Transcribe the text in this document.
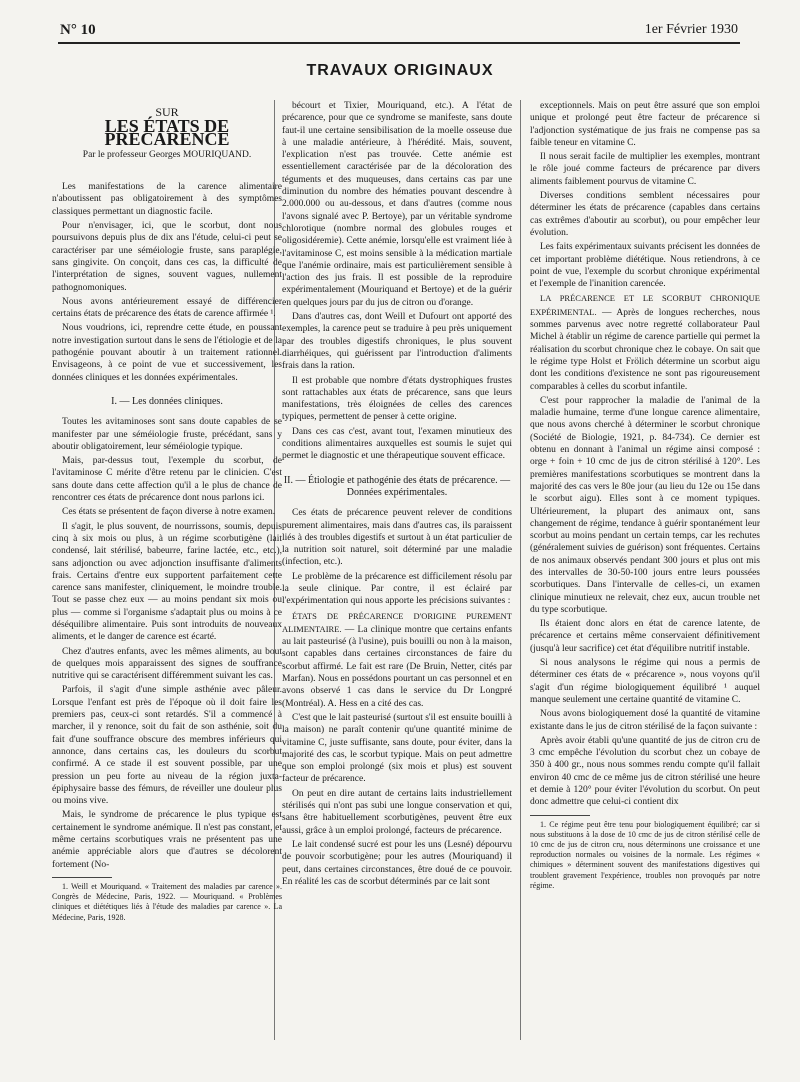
N° 10	1er Février 1930
TRAVAUX ORIGINAUX
SUR
LES ÉTATS DE PRÉCARENCE
Par le professeur Georges MOURIQUAND.

Les manifestations de la carence alimentaire n'aboutissent pas obligatoirement à des symptômes classiques permettant un diagnostic facile.

Pour n'envisager, ici, que le scorbut, dont nous poursuivons depuis plus de dix ans l'étude, celui-ci peut se caractériser par une séméiologie fruste, sans paraplégie, sans gingivite. On conçoit, dans ces cas, la difficulté de l'interprétation de signes, souvent vagues, nullement pathognomoniques.

Nous avons antérieurement essayé de différencier certains états de précarence des états de carence affirmée ¹.

Nous voudrions, ici, reprendre cette étude, en poussant notre investigation surtout dans le sens de l'étiologie et de la pathogénie pouvant aboutir à un traitement rationnel. Envisageons, à ce point de vue et successivement, les données cliniques et les données expérimentales.

I. — Les données cliniques.

Toutes les avitaminoses sont sans doute capables de se manifester par une séméiologie fruste, précédant, sans y aboutir obligatoirement, leur séméiologie typique.

Mais, par-dessus tout, l'exemple du scorbut, de l'avitaminose C mérite d'être retenu par le clinicien. C'est sans doute dans cette affection qu'il a le plus de chance de rencontrer ces états de précarence dont nous parlons ici.

Ces états se présentent de façon diverse à notre examen.

Il s'agit, le plus souvent, de nourrissons, soumis, depuis cinq à six mois ou plus, à un régime scorbutigène (lait condensé, lait stérilisé, babeurre, farine lactée, etc., etc.), sans adjonction ou avec adjonction insuffisante d'aliments frais. Certains d'entre eux supportent parfaitement cette carence sans manifester, cliniquement, le moindre trouble. Tout se passe chez eux — au moins pendant six mois ou plus — comme si l'organisme s'adaptait plus ou moins à ce déséquilibre alimentaire. Puis sont introduits de nouveaux aliments, et le danger de carence est écarté.

Chez d'autres enfants, avec les mêmes aliments, au bout de quelques mois apparaissent des signes de souffrance nutritive qui se caractérisent différemment suivant les cas.

Parfois, il s'agit d'une simple asthénie avec pâleur. Lorsque l'enfant est près de l'époque où il doit faire les premiers pas, ceux-ci sont retardés. S'il a commencé à marcher, il y renonce, soit du fait de son asthénie, soit du fait d'une souffrance obscure des membres inférieurs qui annonce, dans certains cas, les douleurs du scorbut confirmé. A ce stade il est souvent possible, par une pression un peu forte au niveau de la région juxta-épiphysaire basse des fémurs, de réveiller une douleur plus ou moins vive.

Mais, le syndrome de précarence le plus typique est certainement le syndrome anémique. Il n'est pas constant, et même certains scorbutiques vrais ne présentent pas une anémie appréciable alors que d'autres se décolorent fortement (No-

1. Weill et Mouriquand. « Traitement des maladies par carence ». Congrès de Médecine, Paris, 1922. — Mouriquand. « Problèmes cliniques et diététiques liés à l'étude des maladies par carence ». La Médecine, Paris, 1928.

bécourt et Tixier, Mouriquand, etc.). A l'état de précarence, pour que ce syndrome se manifeste, sans doute faut-il une certaine sensibilisation de la moelle osseuse due à une maladie antérieure, à l'hérédité. Mais, souvent, l'explication n'est pas trouvée. Cette anémie est essentiellement caractérisée par de la décoloration des téguments et des muqueuses, dans certains cas par une diminution du nombre des hématies pouvant descendre à 2.000.000 ou au-dessous, et dans d'autres (comme nous l'avons signalé avec P. Bertoye), par un véritable syndrome chlorotique (nombre normal des globules rouges et oligosidéremie). Cette anémie, lorsqu'elle est vraiment liée à l'avitaminose C, est moins sensible à la médication martiale que l'anémie ordinaire, mais est particulièrement sensible à l'action des jus frais. Il est possible de la reproduire expérimentalement (Mouriquand et Bertoye) et de la guérir en quelques jours par du jus de citron ou d'orange.

Dans d'autres cas, dont Weill et Dufourt ont apporté des exemples, la carence peut se traduire à peu près uniquement par des troubles digestifs chroniques, le plus souvent diarrhéiques, qui guérissent par l'introduction d'aliments frais dans la ration.

Il est probable que nombre d'états dystrophiques frustes sont rattachables aux états de précarence, sans que leurs manifestations, très éloignées de celles des carences typiques, permettent de penser à cette origine.

Dans ces cas c'est, avant tout, l'examen minutieux des conditions alimentaires auxquelles est soumis le sujet qui permet le diagnostic et une thérapeutique souvent efficace.

II. — Étiologie et pathogénie des états de précarence. — Données expérimentales.

Ces états de précarence peuvent relever de conditions purement alimentaires, mais dans d'autres cas, ils paraissent liés à des troubles digestifs et surtout à un état particulier de la nutrition soit naturel, soit déterminé par une maladie (infection, etc.).

Le problème de la précarence est difficilement résolu par la seule clinique. Par contre, il est éclairé par l'expérimentation qui nous apporte les précisions suivantes :

ÉTATS DE PRÉCARENCE D'ORIGINE PUREMENT ALIMENTAIRE. — La clinique montre que certains enfants au lait pasteurisé (à l'usine), puis bouilli ou non à la maison, sont capables dans certaines circonstances de faire du scorbut affirmé. Le fait est rare (De Bruin, Netter, cités par Marfan). Nous en possédons pourtant un cas personnel et en avons observé 1 cas dans le service du Dr Longpré (Montréal). A. Hess en a cité des cas.

C'est que le lait pasteurisé (surtout s'il est ensuite bouilli à la maison) ne paraît contenir qu'une quantité minime de vitamine C, juste suffisante, sans doute, pour éviter, dans la majorité des cas, le scorbut typique. Mais on peut admettre que son emploi prolongé (six mois et plus) est souvent facteur de précarence.

On peut en dire autant de certains laits industriellement stérilisés qui n'ont pas subi une longue conservation et qui, sans être habituellement scorbutigènes, peuvent être eux aussi, grâce à un emploi prolongé, facteurs de précarence.

Le lait condensé sucré est pour les uns (Lesné) dépourvu de pouvoir scorbutigène; pour les autres (Mouriquand) il peut, dans certaines circonstances, être doué de ce pouvoir. En réalité les cas de scorbut déterminés par ce lait sont

exceptionnels. Mais on peut être assuré que son emploi unique et prolongé peut être facteur de précarence si l'adjonction systématique de jus frais ne compense pas sa faible teneur en vitamine C.

Il nous serait facile de multiplier les exemples, montrant le rôle joué comme facteurs de précarence par divers aliments faiblement pourvus de vitamine C.

Diverses conditions semblent nécessaires pour déterminer les états de précarence (capables dans certains cas extrêmes d'aboutir au scorbut), ou pour empêcher leur évolution.

Les faits expérimentaux suivants précisent les données de cet important problème diététique. Nous retiendrons, à ce point de vue, l'exemple du scorbut chronique expérimental et l'exemple de l'inanition carencée.

LA PRÉCARENCE ET LE SCORBUT CHRONIQUE EXPÉRIMENTAL. — Après de longues recherches, nous sommes parvenus avec notre regretté collaborateur Paul Michel à établir un régime de carence partielle qui permet la réalisation du scorbut chronique chez le cobaye. On sait que le régime type Holst et Frölich détermine un scorbut aigu dont les conditions d'existence ne sont pas rigoureusement comparables à celles du scorbut infantile.

C'est pour rapprocher la maladie de l'animal de la maladie humaine, terme d'une longue carence alimentaire, que nous avons cherché à déterminer le scorbut chronique (Société de Biologie, 1921, p. 84-734). Ce dernier est obtenu en donnant à l'animal un régime ainsi composé : orge + foin + 10 cmc de jus de citron stérilisé à 120°. Les premières manifestations scorbutiques se montrent dans la majorité des cas vers le 80e jour (au lieu du 12e ou 15e dans le scorbut aigu). Elles sont à ce moment typiques. Ultérieurement, la plupart des animaux ont, sans changement de régime, tendance à guérir spontanément leur scorbut au moins pendant un certain temps, car les rechutes (généralement suivies de guérison) sont fréquentes. Certains de nos animaux observés pendant 300 jours et plus ont mis des intervalles de 30-50-100 jours entre leurs poussées scorbutiques. Dans l'intervalle de celles-ci, un examen clinique minutieux ne relevait, chez eux, aucun trouble net du type scorbutique.

Ils étaient donc alors en état de carence latente, de précarence et certains même conservaient définitivement (jusqu'à leur sacrifice) cet état d'équilibre nutritif instable.

Si nous analysons le régime qui nous a permis de déterminer ces états de « précarence », nous voyons qu'il s'agit d'un régime biologiquement équilibré ¹ auquel manque seulement une certaine quantité de vitamine C.

Nous avons biologiquement dosé la quantité de vitamine existante dans le jus de citron stérilisé de la façon suivante :

Après avoir établi qu'une quantité de jus de citron cru de 3 cmc empêche l'évolution du scorbut chez un cobaye de 350 à 400 gr., nous nous sommes rendu compte qu'il fallait environ 40 cmc de ce même jus de citron stérilisé une heure et demie à 120° pour éviter l'évolution du scorbut. On peut donc admettre que celui-ci contient dix

1. Ce régime peut être tenu pour biologiquement équilibré; car si nous substituons à la dose de 10 cmc de jus de citron stérilisé celle de 10 cmc de jus de citron cru, nous déterminons une croissance et une reproduction normales ou voisines de la normale. Les régimes « chimiques » déterminent souvent des manifestations digestives qui troublent gravement l'expérience, troubles non provoqués par notre régime.
